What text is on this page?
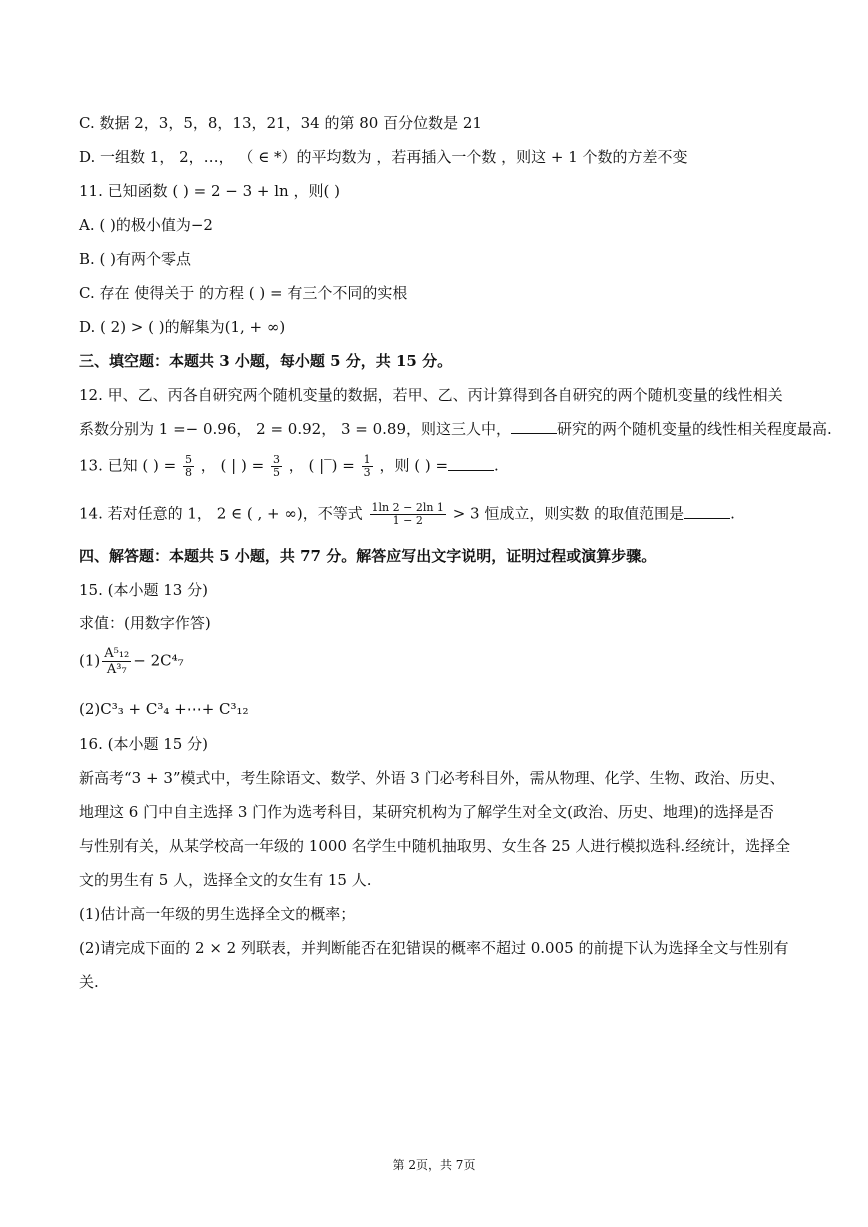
C. 数据 2，3，5，8，13，21，34 的第 80 百分位数是 21
D. 一组数 1， 2，…， （ ∈ *）的平均数为 ，若再插入一个数 ，则这 + 1 个数的方差不变
11. 已知函数 ( ) = 2 − 3 + ln ，则( )
A. ( )的极小值为−2
B. ( )有两个零点
C. 存在 使得关于 的方程 ( ) = 有三个不同的实根
D. ( 2) > ( )的解集为(1, + ∞)
三、填空题：本题共 3 小题，每小题 5 分，共 15 分。
12. 甲、乙、丙各自研究两个随机变量的数据，若甲、乙、丙计算得到各自研究的两个随机变量的线性相关
系数分别为 1 =− 0.96， 2 = 0.92， 3 = 0.89，则这三人中，	研究的两个随机变量的线性相关程度最高.
13. 已知 ( ) = $\frac{5}{8}$ ， ( | ) = $\frac{3}{5}$ ， ( |‾) = $\frac{1}{3}$ ，则 ( ) =	.
14. 若对任意的 1， 2 ∈ ( , + ∞)，不等式 $\frac{1\ln 2 - 2\ln 1}{1 - 2} > 3$ 恒成立，则实数 的取值范围是	.
四、解答题：本题共 5 小题，共 77 分。解答应写出文字说明，证明过程或演算步骤。
15. (本小题 13 分)
求值：(用数字作答)
$(1) \frac{\text{A⁵₁₂}}{\text{A³₇}} - 2C^4_7$
(2)C³₃ + C³₄ +⋯+ C³₁₂
16. (本小题 15 分)
新高考“3 + 3”模式中，考生除语文、数学、外语 3 门必考科目外，需从物理、化学、生物、政治、历史、
地理这 6 门中自主选择 3 门作为选考科目，某研究机构为了解学生对全文(政治、历史、地理)的选择是否
与性别有关，从某学校高一年级的 1000 名学生中随机抽取男、女生各 25 人进行模拟选科.经统计，选择全
文的男生有 5 人，选择全文的女生有 15 人.
(1)估计高一年级的男生选择全文的概率；
(2)请完成下面的 2 × 2 列联表，并判断能否在犯错误的概率不超过 0.005 的前提下认为选择全文与性别有
关.
第 2页，共 7页
